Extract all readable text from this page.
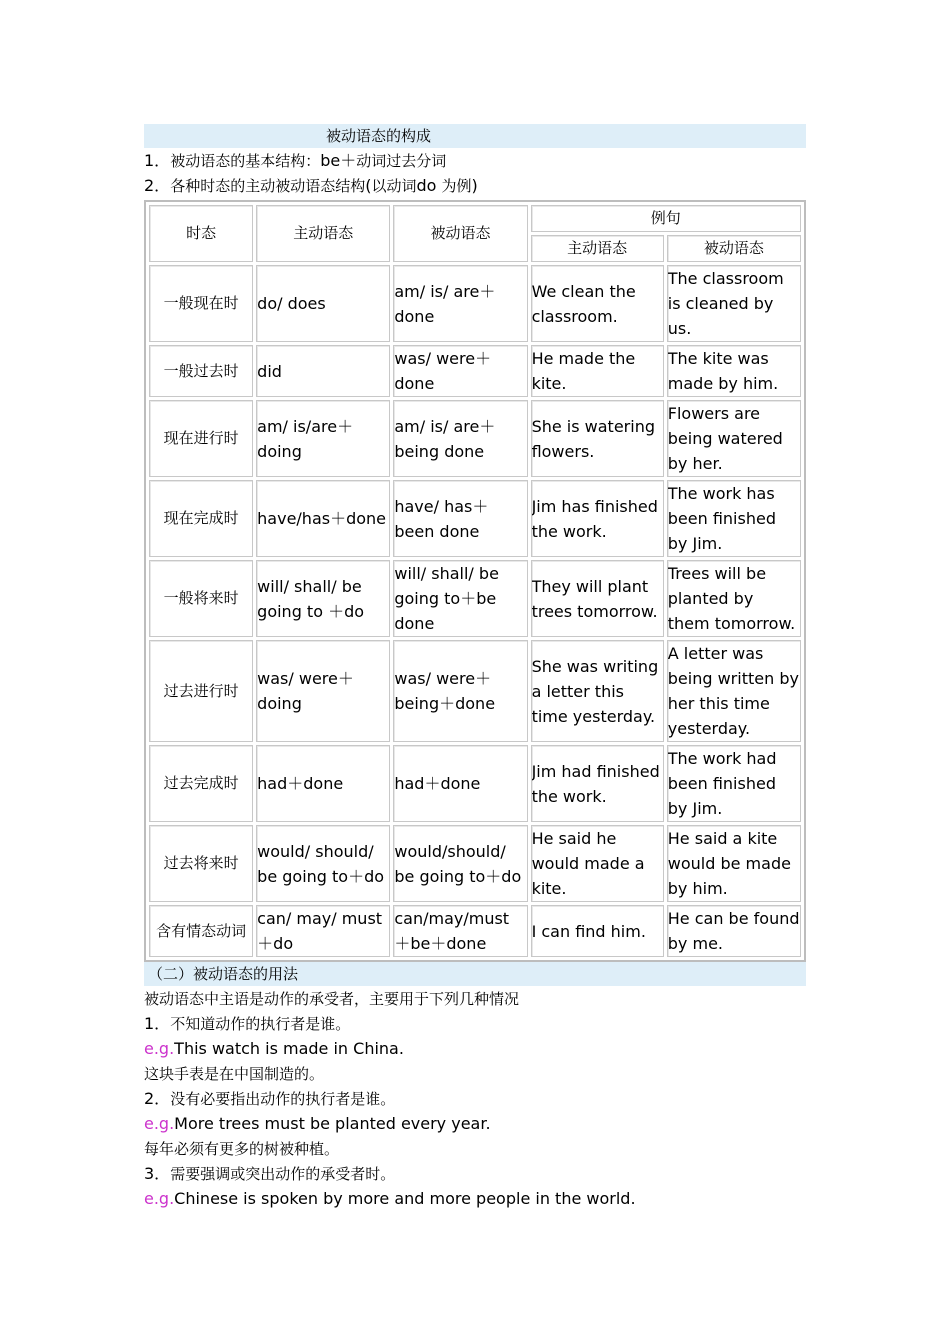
被动语态的构成
1．被动语态的基本结构：be＋动词过去分词
2．各种时态的主动被动语态结构(以动词do 为例)
时态	主动语态	被动语态	例句	
			主动语态	被动语态
一般现在时	do/ does	am/ is/ are＋done	We clean the classroom.	The classroom is cleaned by us.
一般过去时	did	was/ were＋done	He made the kite.	The kite was made by him.
现在进行时	am/ is/are＋doing	am/ is/ are＋being done	She is watering flowers.	Flowers are being watered by her.
现在完成时	have/has＋done	have/ has＋been done	Jim has finished the work.	The work has been finished by Jim.
一般将来时	will/ shall/ be going to ＋do	will/ shall/ be going to＋be done	They will plant trees tomorrow.	Trees will be planted by them tomorrow.
过去进行时	was/ were＋doing	was/ were＋being＋done	She was writing a letter this time yesterday.	A letter was being written by her this time yesterday.
过去完成时	had＋done	had＋done	Jim had finished the work.	The work had been finished by Jim.
过去将来时	would/ should/ be going to＋do	would/should/ be going to＋do	He said he would made a kite.	He said a kite would be made by him.
含有情态动词	can/ may/ must ＋do	can/may/must ＋be＋done	I can find him.	He can be found by me.
（二）被动语态的用法
被动语态中主语是动作的承受者，主要用于下列几种情况
1．不知道动作的执行者是谁。
e.g.This watch is made in China.
这块手表是在中国制造的。
2．没有必要指出动作的执行者是谁。
e.g.More trees must be planted every year.
每年必须有更多的树被种植。
3．需要强调或突出动作的承受者时。
e.g.Chinese is spoken by more and more people in the world.
